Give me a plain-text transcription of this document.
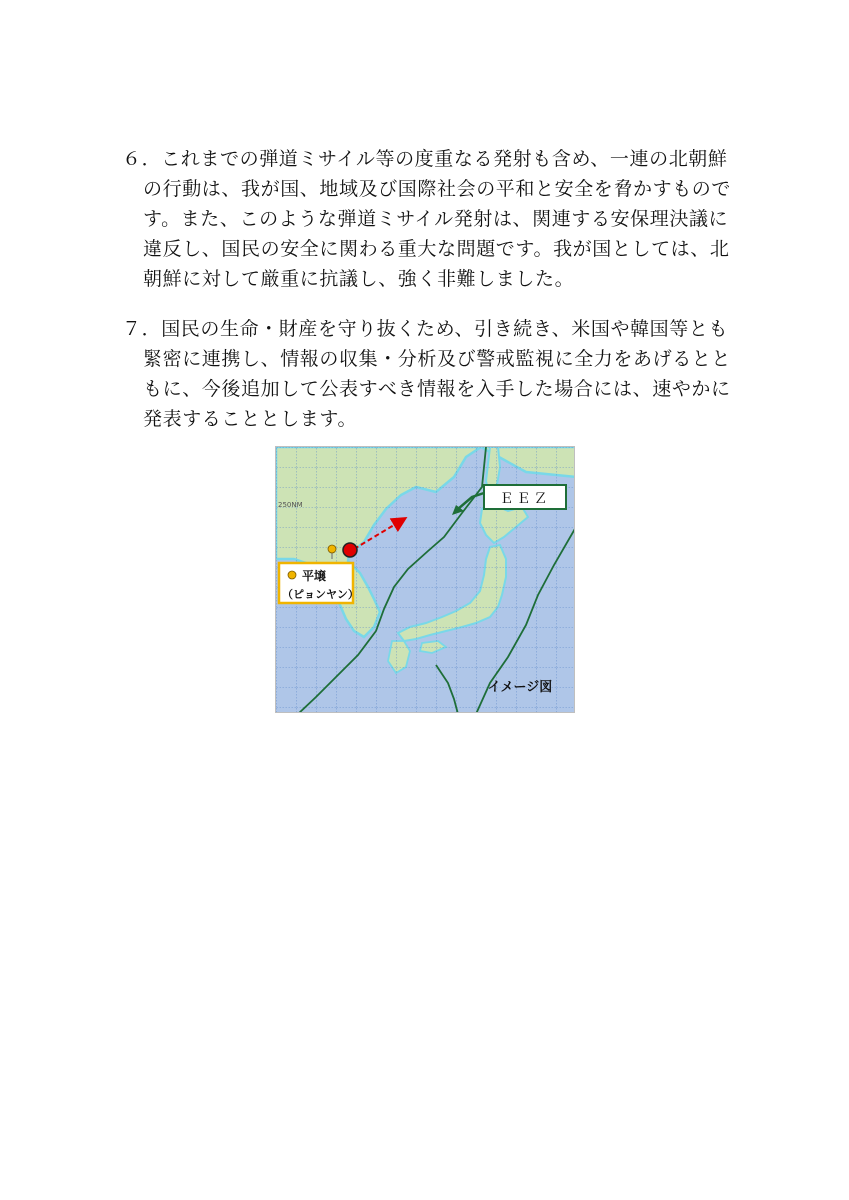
６．これまでの弾道ミサイル等の度重なる発射も含め、一連の北朝鮮
の行動は、我が国、地域及び国際社会の平和と安全を脅かすもので
す。また、このような弾道ミサイル発射は、関連する安保理決議に
違反し、国民の安全に関わる重大な問題です。我が国としては、北
朝鮮に対して厳重に抗議し、強く非難しました。
７．国民の生命・財産を守り抜くため、引き続き、米国や韓国等とも
緊密に連携し、情報の収集・分析及び警戒監視に全力をあげるとと
もに、今後追加して公表すべき情報を入手した場合には、速やかに
発表することとします。
250NM	ＥＥＺ
平壌
（ピョンヤン）
イメージ図
